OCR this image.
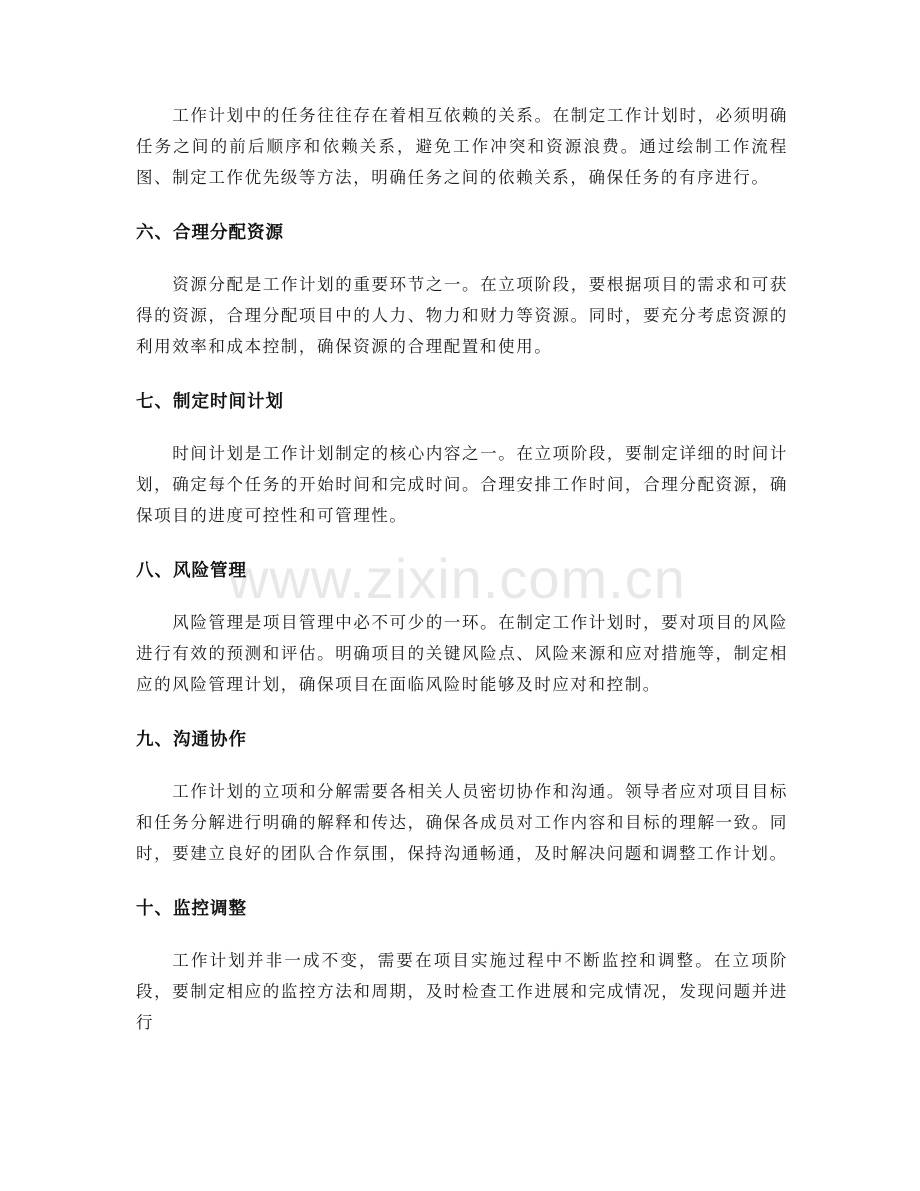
www.zixin.com.cn

工作计划中的任务往往存在着相互依赖的关系。在制定工作计划时，必须明确任务之间的前后顺序和依赖关系，避免工作冲突和资源浪费。通过绘制工作流程图、制定工作优先级等方法，明确任务之间的依赖关系，确保任务的有序进行。

六、合理分配资源

资源分配是工作计划的重要环节之一。在立项阶段，要根据项目的需求和可获得的资源，合理分配项目中的人力、物力和财力等资源。同时，要充分考虑资源的利用效率和成本控制，确保资源的合理配置和使用。

七、制定时间计划

时间计划是工作计划制定的核心内容之一。在立项阶段，要制定详细的时间计划，确定每个任务的开始时间和完成时间。合理安排工作时间，合理分配资源，确保项目的进度可控性和可管理性。

八、风险管理

风险管理是项目管理中必不可少的一环。在制定工作计划时，要对项目的风险进行有效的预测和评估。明确项目的关键风险点、风险来源和应对措施等，制定相应的风险管理计划，确保项目在面临风险时能够及时应对和控制。

九、沟通协作

工作计划的立项和分解需要各相关人员密切协作和沟通。领导者应对项目目标和任务分解进行明确的解释和传达，确保各成员对工作内容和目标的理解一致。同时，要建立良好的团队合作氛围，保持沟通畅通，及时解决问题和调整工作计划。

十、监控调整

工作计划并非一成不变，需要在项目实施过程中不断监控和调整。在立项阶段，要制定相应的监控方法和周期，及时检查工作进展和完成情况，发现问题并进行
